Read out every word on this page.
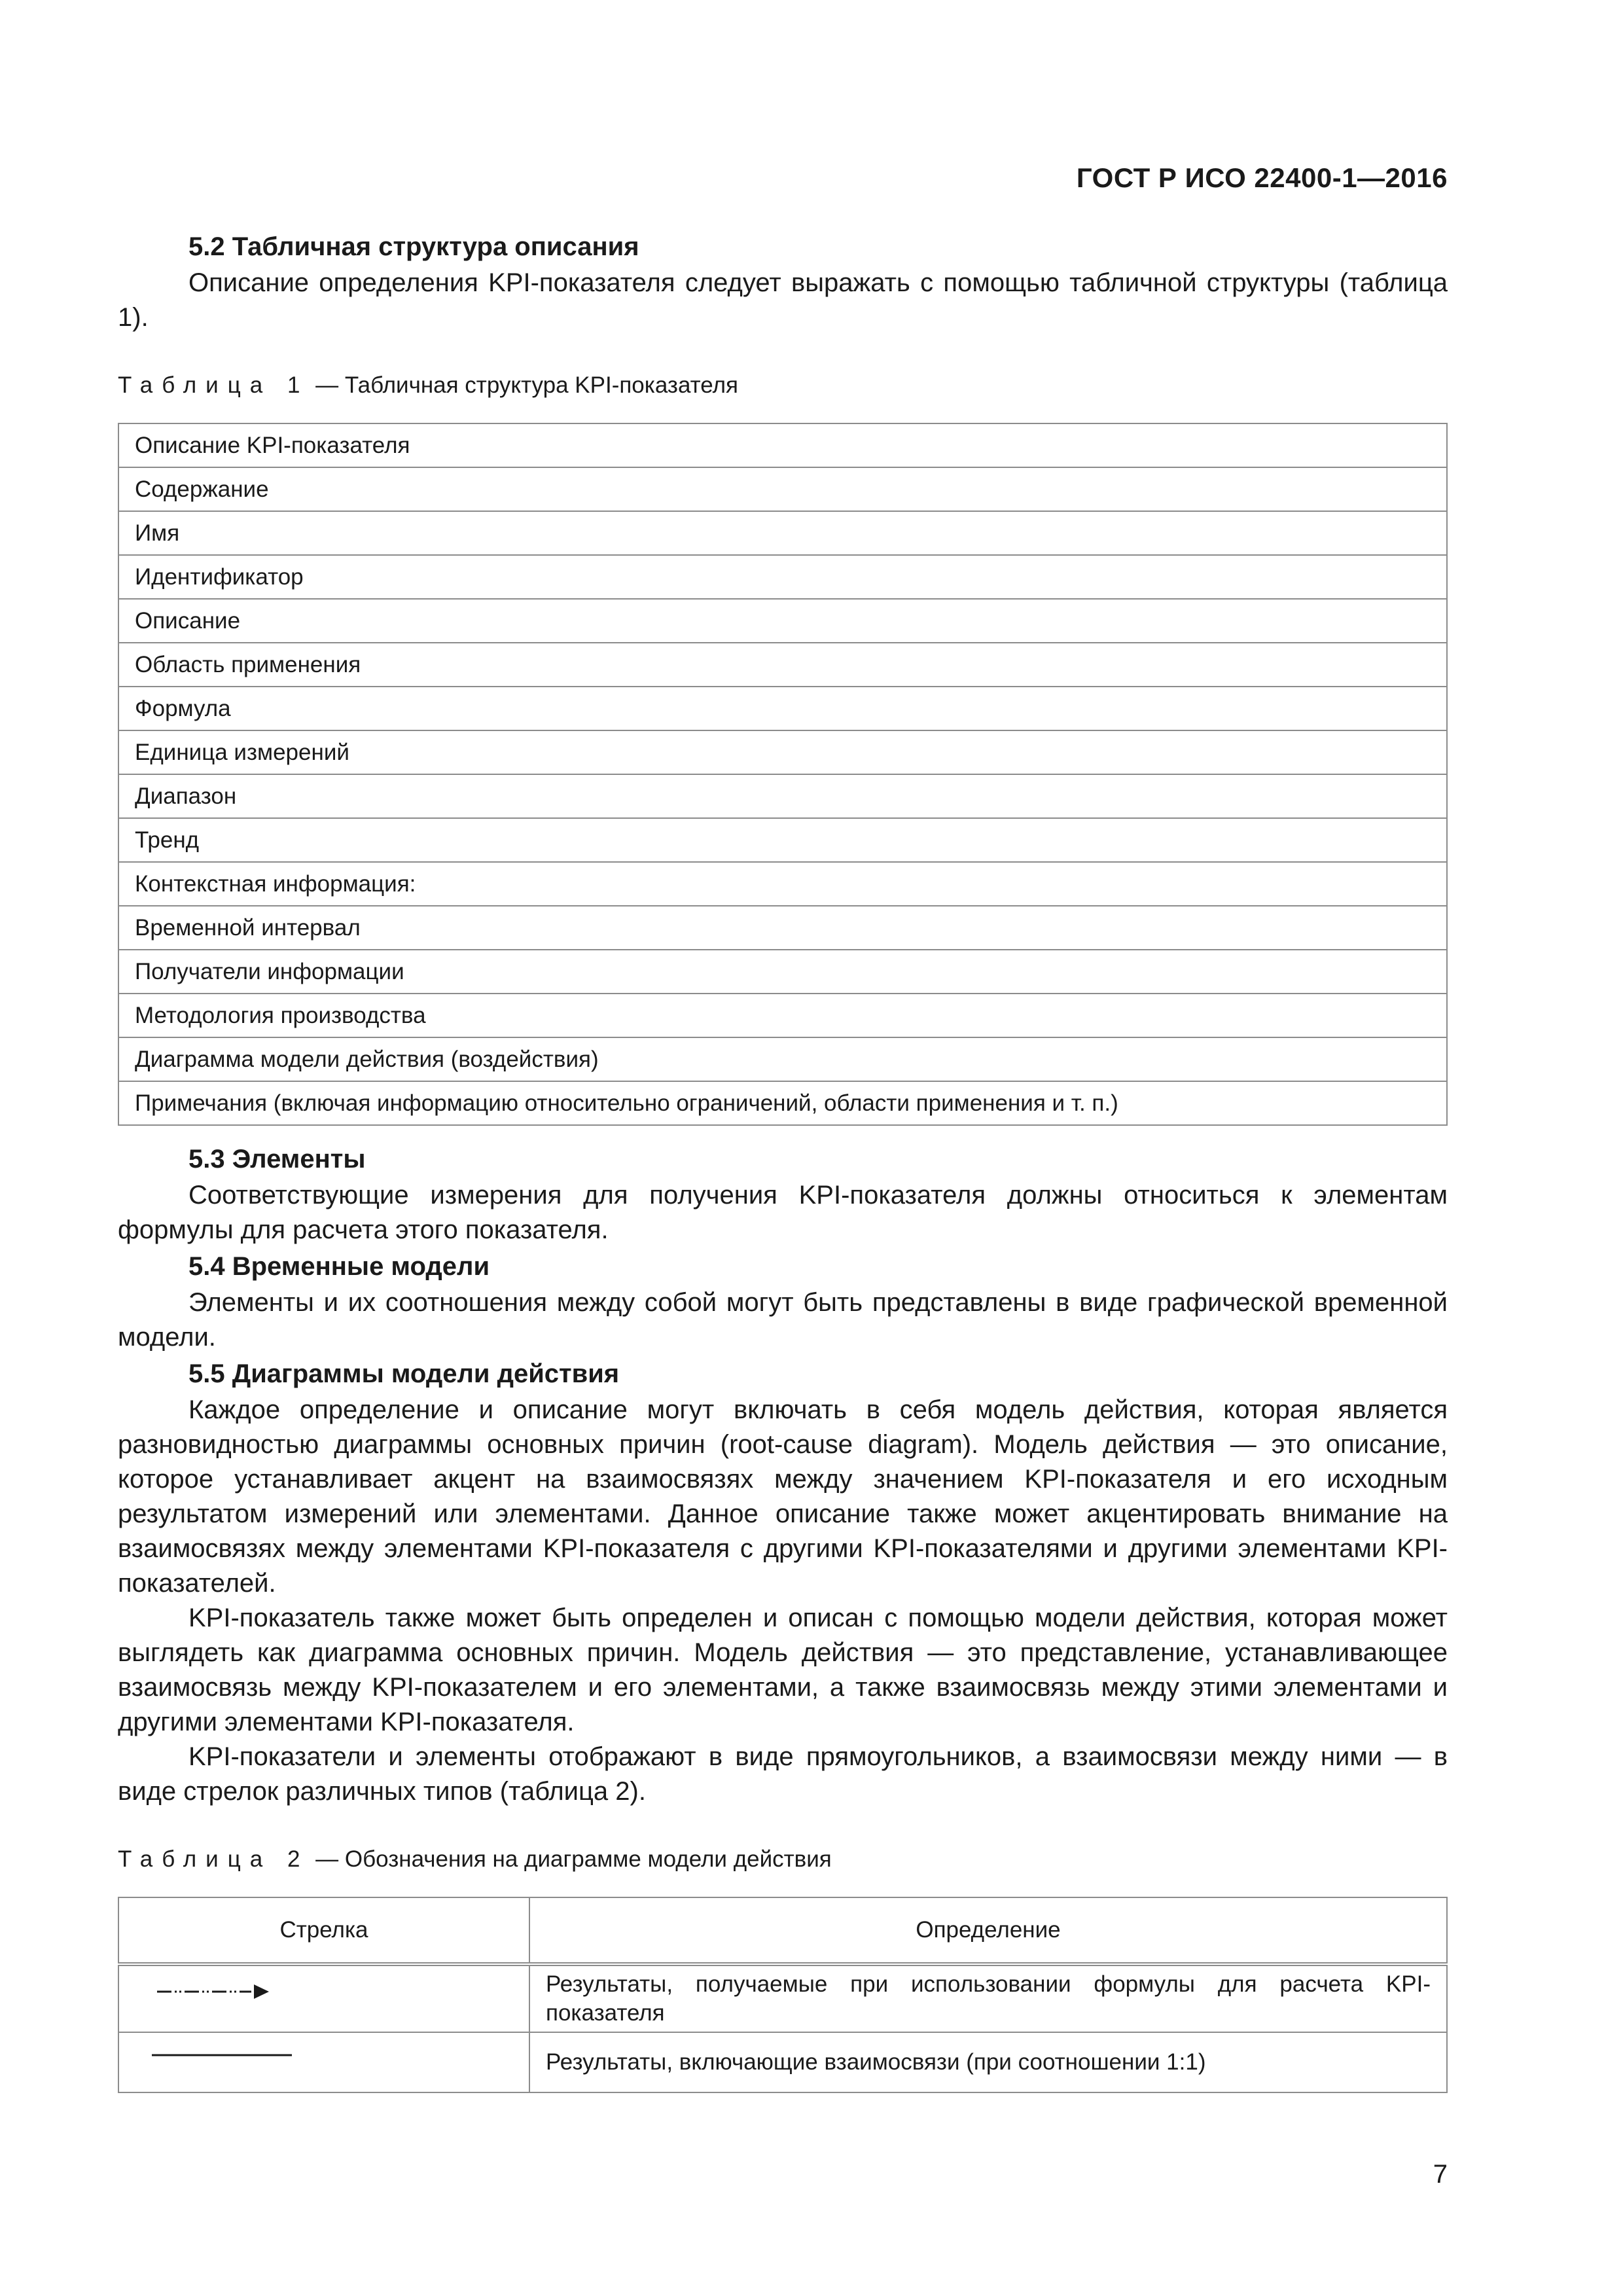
ГОСТ Р ИСО 22400-1—2016

5.2 Табличная структура описания

Описание определения KPI-показателя следует выражать с помощью табличной структуры (таблица 1).

Таблица 1 — Табличная структура KPI-показателя
Описание KPI-показателя
Содержание
Имя
Идентификатор
Описание
Область применения
Формула
Единица измерений
Диапазон
Тренд
Контекстная информация:
Временной интервал
Получатели информации
Методология производства
Диаграмма модели действия (воздействия)
Примечания (включая информацию относительно ограничений, области применения и т. п.)

5.3 Элементы

Соответствующие измерения для получения KPI-показателя должны относиться к элементам формулы для расчета этого показателя.

5.4 Временные модели

Элементы и их соотношения между собой могут быть представлены в виде графической временной модели.

5.5 Диаграммы модели действия

Каждое определение и описание могут включать в себя модель действия, которая является разновидностью диаграммы основных причин (root-cause diagram). Модель действия — это описание, которое устанавливает акцент на взаимосвязях между значением KPI-показателя и его исходным результатом измерений или элементами. Данное описание также может акцентировать внимание на взаимосвязях между элементами KPI-показателя с другими KPI-показателями и другими элементами KPI-показателей.

KPI-показатель также может быть определен и описан с помощью модели действия, которая может выглядеть как диаграмма основных причин. Модель действия — это представление, устанавливающее взаимосвязь между KPI-показателем и его элементами, а также взаимосвязь между этими элементами и другими элементами KPI-показателя.

KPI-показатели и элементы отображают в виде прямоугольников, а взаимосвязи между ними — в виде стрелок различных типов (таблица 2).

Таблица 2 — Обозначения на диаграмме модели действия
Стрелка	Определение
	Результаты, получаемые при использовании формулы для расчета KPI-показателя
	Результаты, включающие взаимосвязи (при соотношении 1:1)
7
